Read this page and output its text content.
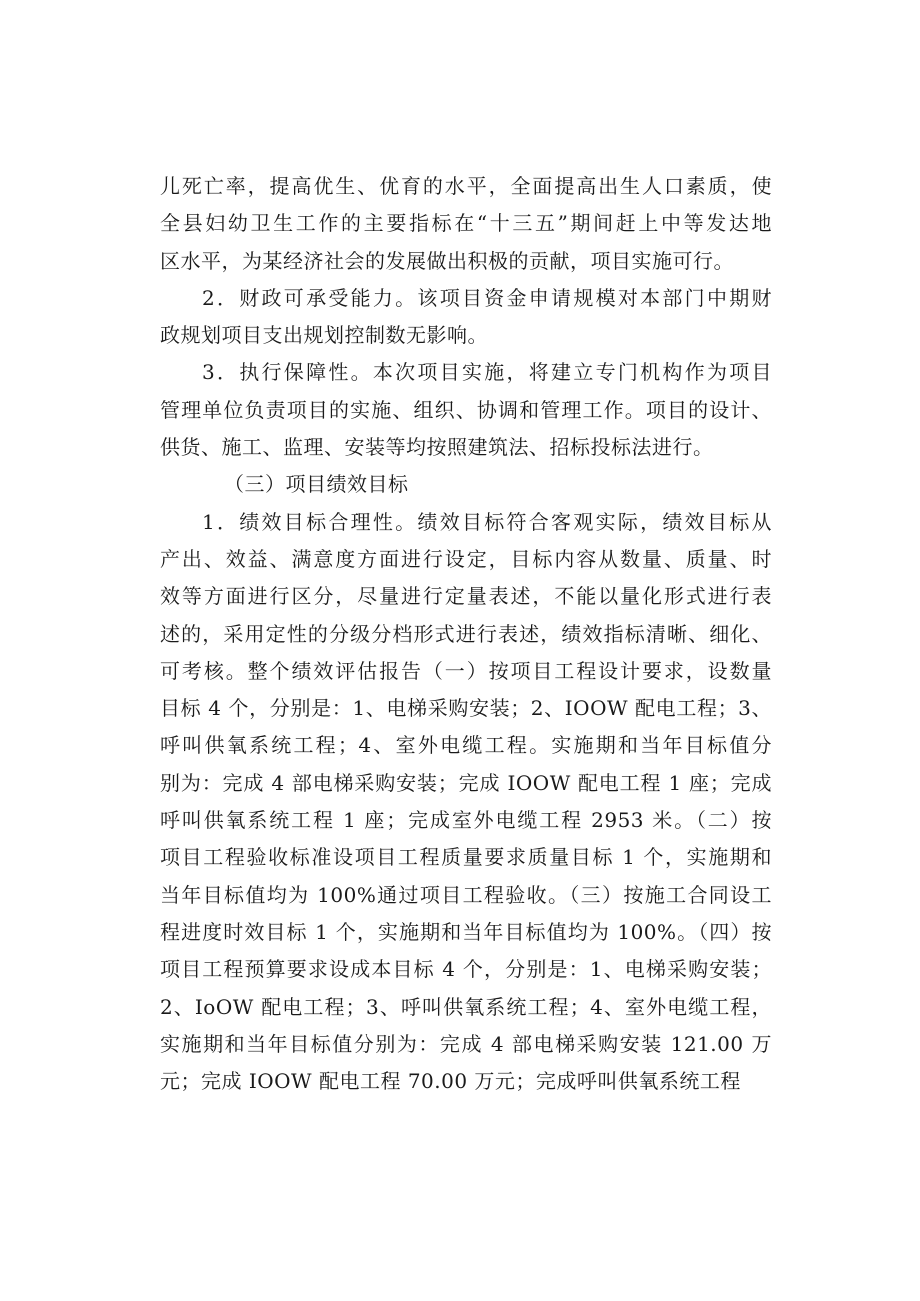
儿死亡率，提高优生、优育的水平，全面提高出生人口素质，使
全县妇幼卫生工作的主要指标在“十三五”期间赶上中等发达地
区水平，为某经济社会的发展做出积极的贡献，项目实施可行。
2．财政可承受能力。该项目资金申请规模对本部门中期财
政规划项目支出规划控制数无影响。
3．执行保障性。本次项目实施，将建立专门机构作为项目
管理单位负责项目的实施、组织、协调和管理工作。项目的设计、
供货、施工、监理、安装等均按照建筑法、招标投标法进行。
（三）项目绩效目标
1．绩效目标合理性。绩效目标符合客观实际，绩效目标从
产出、效益、满意度方面进行设定，目标内容从数量、质量、时
效等方面进行区分，尽量进行定量表述，不能以量化形式进行表
述的，采用定性的分级分档形式进行表述，绩效指标清晰、细化、
可考核。整个绩效评估报告（一）按项目工程设计要求，设数量
目标 4 个，分别是：1、电梯采购安装；2、IOOW 配电工程；3、
呼叫供氧系统工程；4、室外电缆工程。实施期和当年目标值分
别为：完成 4 部电梯采购安装；完成 IOOW 配电工程 1 座；完成
呼叫供氧系统工程 1 座；完成室外电缆工程 2953 米。（二）按
项目工程验收标准设项目工程质量要求质量目标 1 个，实施期和
当年目标值均为 100%通过项目工程验收。（三）按施工合同设工
程进度时效目标 1 个，实施期和当年目标值均为 100%。（四）按
项目工程预算要求设成本目标 4 个，分别是：1、电梯采购安装；
2、IoOW 配电工程；3、呼叫供氧系统工程；4、室外电缆工程，
实施期和当年目标值分别为：完成 4 部电梯采购安装 121.00 万
元；完成 IOOW 配电工程 70.00 万元；完成呼叫供氧系统工程
